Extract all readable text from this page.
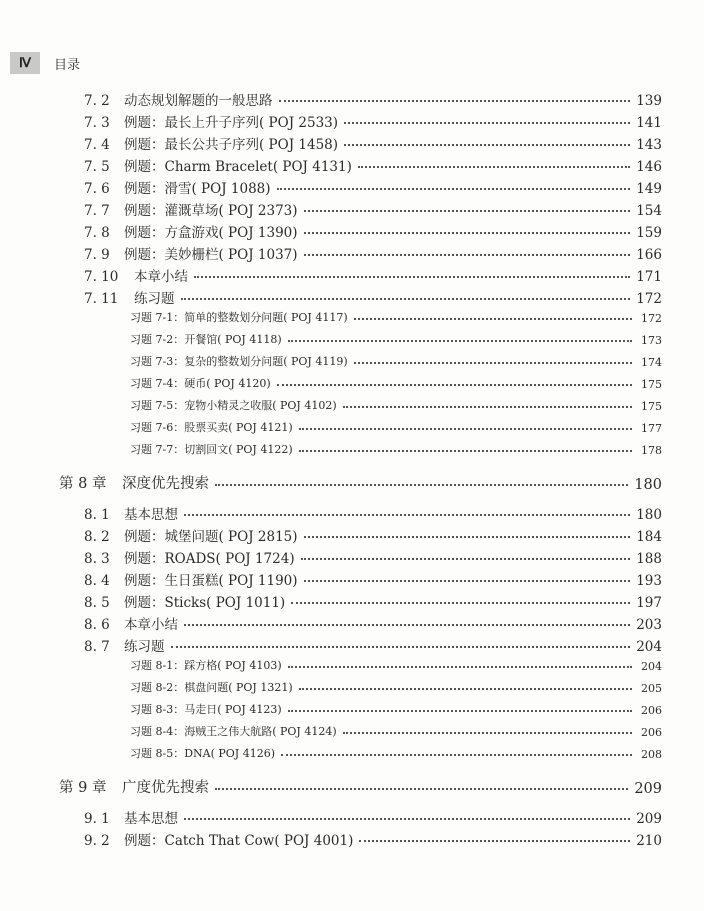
Ⅳ	目录
7. 2	动态规划解题的一般思路	139
7. 3	例题：最长上升子序列( POJ 2533)	141
7. 4	例题：最长公共子序列( POJ 1458)	143
7. 5	例题：Charm Bracelet( POJ 4131)	146
7. 6	例题：滑雪( POJ 1088)	149
7. 7	例题：灌溉草场( POJ 2373)	154
7. 8	例题：方盒游戏( POJ 1390)	159
7. 9	例题：美妙栅栏( POJ 1037)	166
7. 10	本章小结	171
7. 11	练习题	172
习题 7-1：简单的整数划分问题( POJ 4117)	172
习题 7-2：开餐馆( POJ 4118)	173
习题 7-3：复杂的整数划分问题( POJ 4119)	174
习题 7-4：硬币( POJ 4120)	175
习题 7-5：宠物小精灵之收服( POJ 4102)	175
习题 7-6：股票买卖( POJ 4121)	177
习题 7-7：切割回文( POJ 4122)	178
第 8 章	深度优先搜索	180
8. 1	基本思想	180
8. 2	例题：城堡问题( POJ 2815)	184
8. 3	例题：ROADS( POJ 1724)	188
8. 4	例题：生日蛋糕( POJ 1190)	193
8. 5	例题：Sticks( POJ 1011)	197
8. 6	本章小结	203
8. 7	练习题	204
习题 8-1：踩方格( POJ 4103)	204
习题 8-2：棋盘问题( POJ 1321)	205
习题 8-3：马走日( POJ 4123)	206
习题 8-4：海贼王之伟大航路( POJ 4124)	206
习题 8-5：DNA( POJ 4126)	208
第 9 章	广度优先搜索	209
9. 1	基本思想	209
9. 2	例题：Catch That Cow( POJ 4001)	210
